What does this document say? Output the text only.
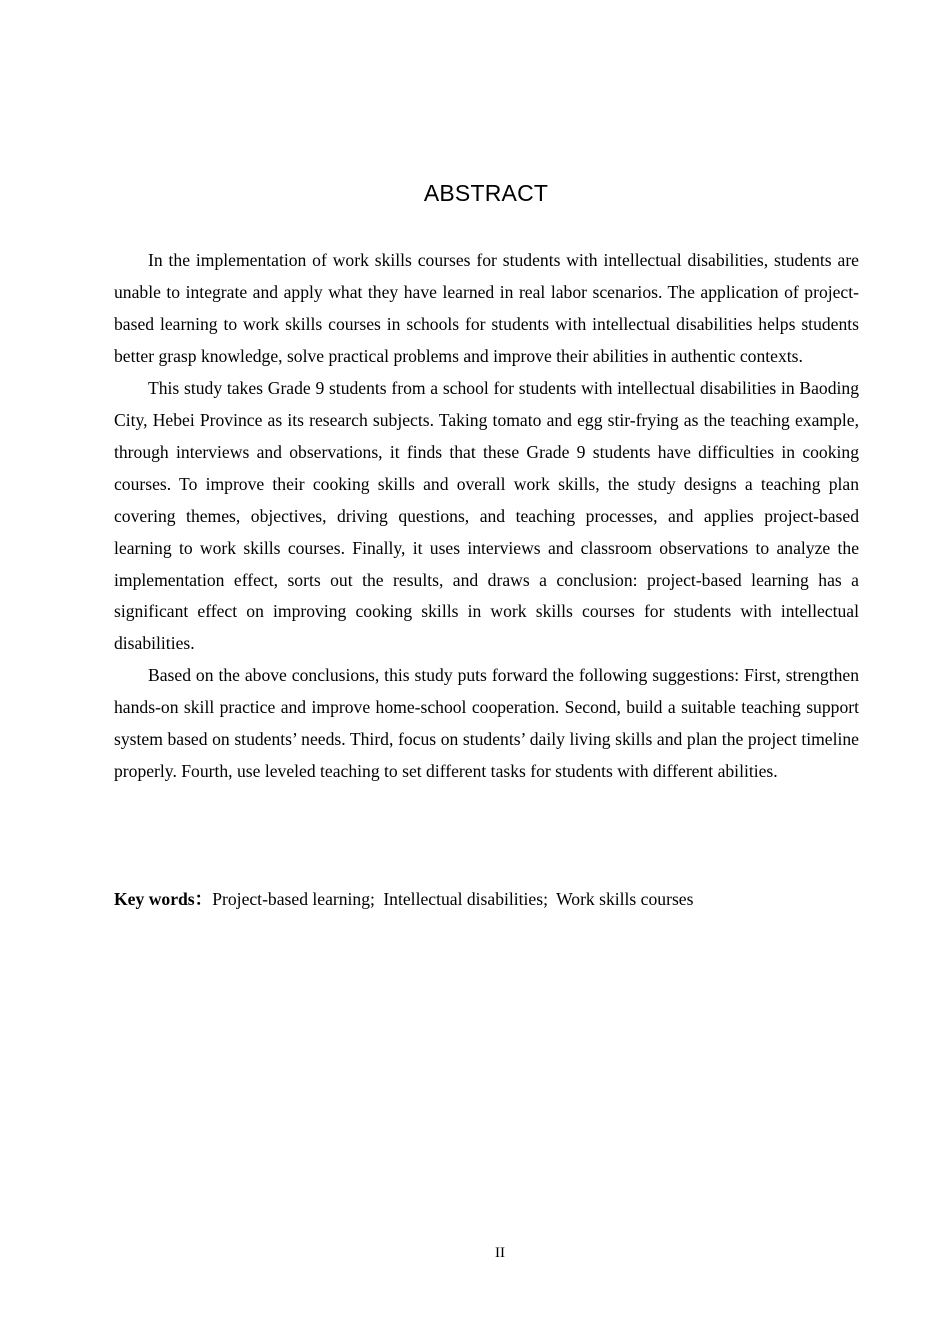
ABSTRACT

In the implementation of work skills courses for students with intellectual disabilities, students are unable to integrate and apply what they have learned in real labor scenarios. The application of project-based learning to work skills courses in schools for students with intellectual disabilities helps students better grasp knowledge, solve practical problems and improve their abilities in authentic contexts.

This study takes Grade 9 students from a school for students with intellectual disabilities in Baoding City, Hebei Province as its research subjects. Taking tomato and egg stir-frying as the teaching example, through interviews and observations, it finds that these Grade 9 students have difficulties in cooking courses. To improve their cooking skills and overall work skills, the study designs a teaching plan covering themes, objectives, driving questions, and teaching processes, and applies project-based learning to work skills courses. Finally, it uses interviews and classroom observations to analyze the implementation effect, sorts out the results, and draws a conclusion: project-based learning has a significant effect on improving cooking skills in work skills courses for students with intellectual disabilities.

Based on the above conclusions, this study puts forward the following suggestions: First, strengthen hands-on skill practice and improve home-school cooperation. Second, build a suitable teaching support system based on students’ needs. Third, focus on students’ daily living skills and plan the project timeline properly. Fourth, use leveled teaching to set different tasks for students with different abilities.

Key words：Project-based learning; Intellectual disabilities; Work skills courses
II
